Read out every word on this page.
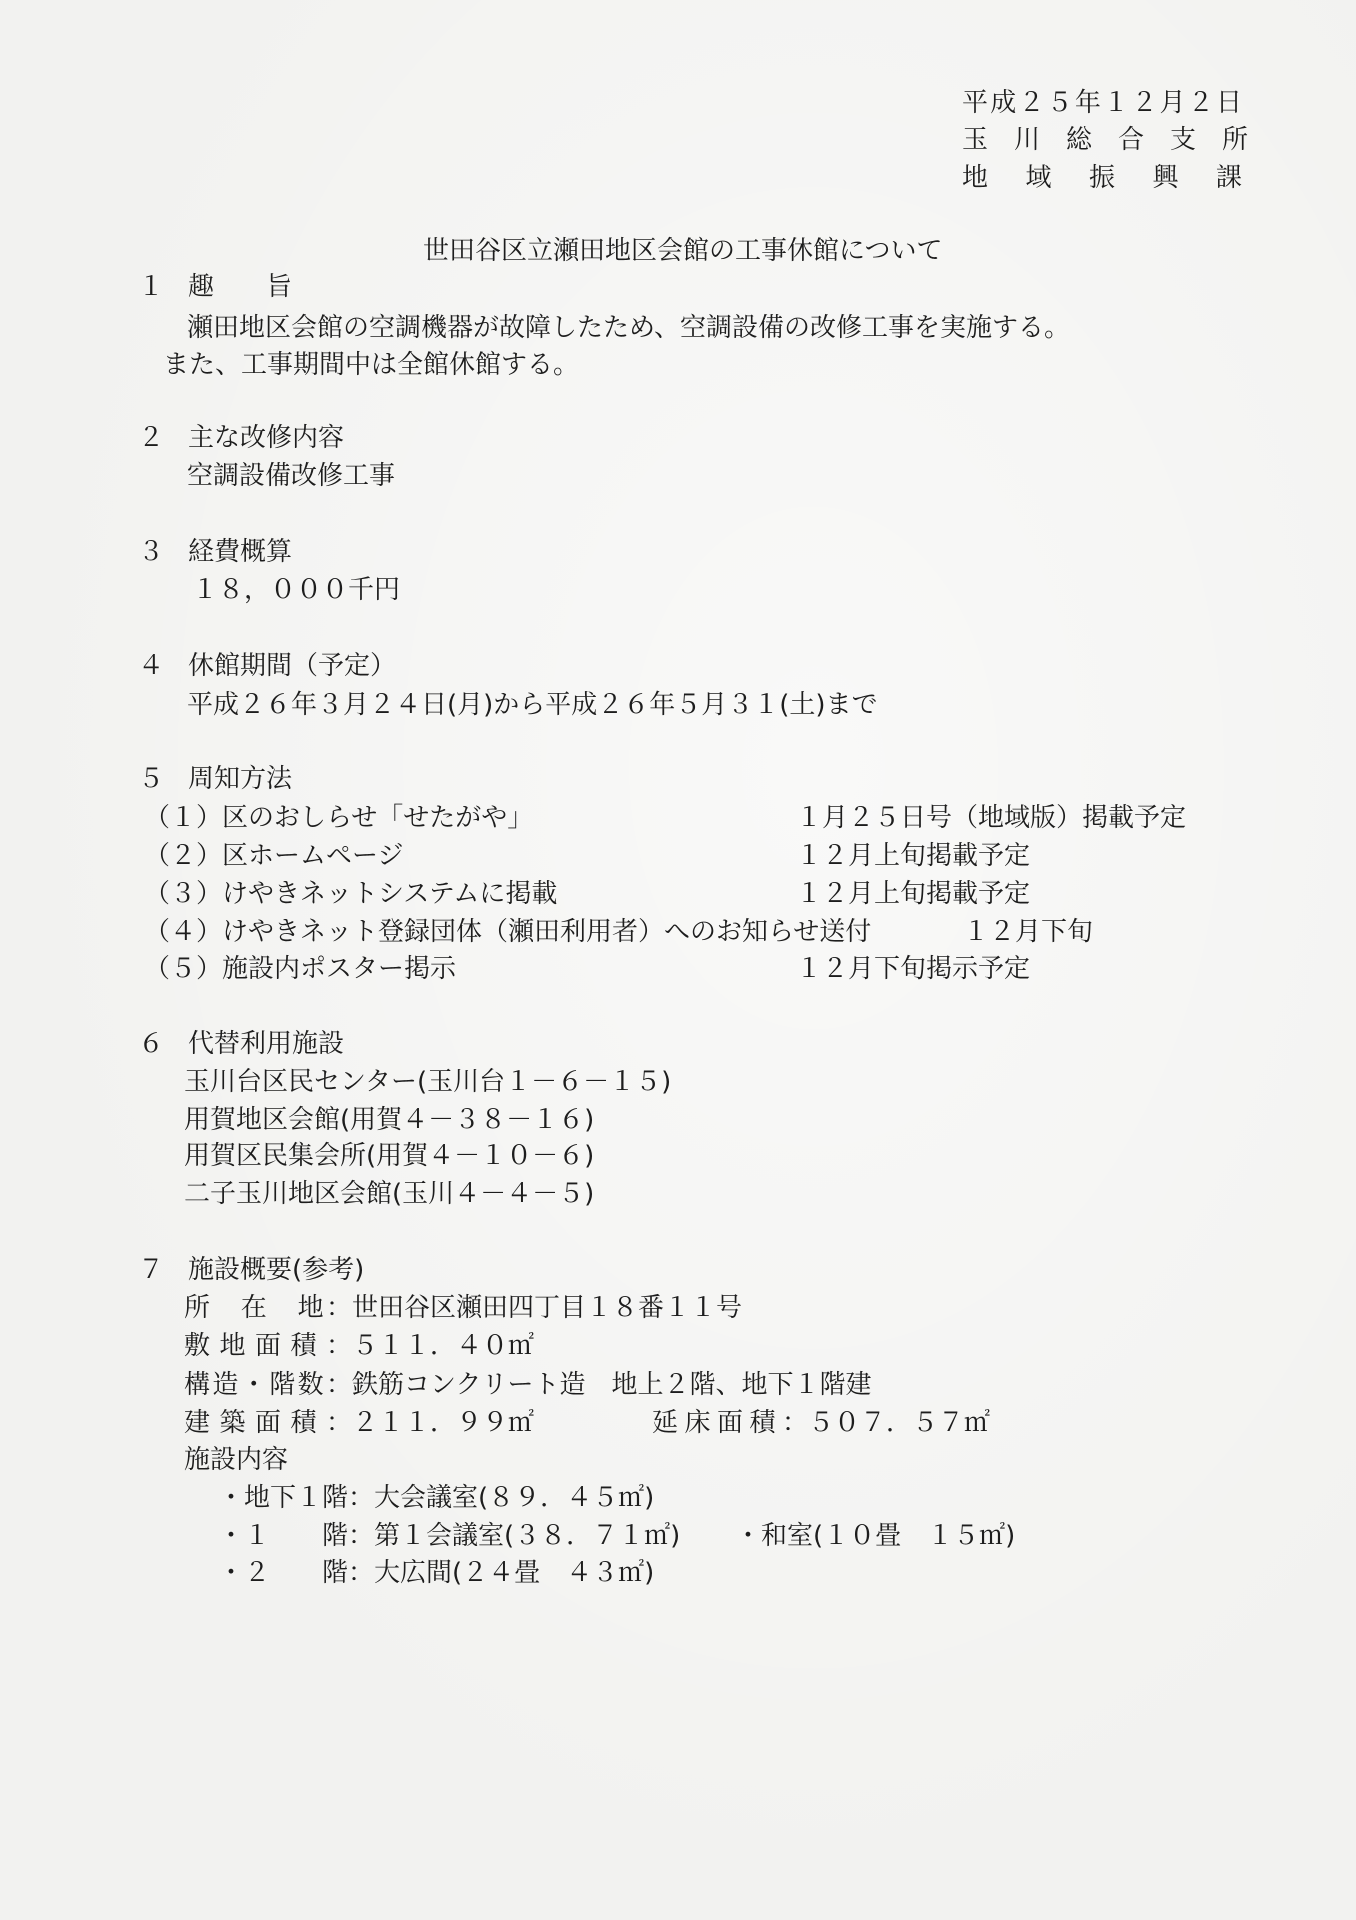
平成２５年１２月２日
玉　川　総　合　支　所
地　域　振　興　課
世田谷区立瀬田地区会館の工事休館について
１ 趣　　旨
瀬田地区会館の空調機器が故障したため、空調設備の改修工事を実施する。
また、工事期間中は全館休館する。
２ 主な改修内容
空調設備改修工事
３ 経費概算
１８，０００千円
４ 休館期間（予定）
平成２６年３月２４日(月)から平成２６年５月３１(土)まで
５ 周知方法
（１）区のおしらせ「せたがや」	１月２５日号（地域版）掲載予定
（２）区ホームページ	１２月上旬掲載予定
（３）けやきネットシステムに掲載	１２月上旬掲載予定
（４）けやきネット登録団体（瀬田利用者）へのお知らせ送付	１２月下旬
（５）施設内ポスター掲示	１２月下旬掲示予定
６ 代替利用施設
玉川台区民センター(玉川台１－６－１５)
用賀地区会館(用賀４－３８－１６)
用賀区民集会所(用賀４－１０－６)
二子玉川地区会館(玉川４－４－５)
７ 施設概要(参考)
所　在　地：世田谷区瀬田四丁目１８番１１号
敷地面積：５１１．４０㎡
構造・階数：鉄筋コンクリート造　地上２階、地下１階建
建築面積：２１１．９９㎡	延床面積：５０７．５７㎡
施設内容
・地下１階：大会議室(８９．４５㎡)
・１　　階：第１会議室(３８．７１㎡) ・和室(１０畳　１５㎡)
・２　　階：大広間(２４畳　４３㎡)
